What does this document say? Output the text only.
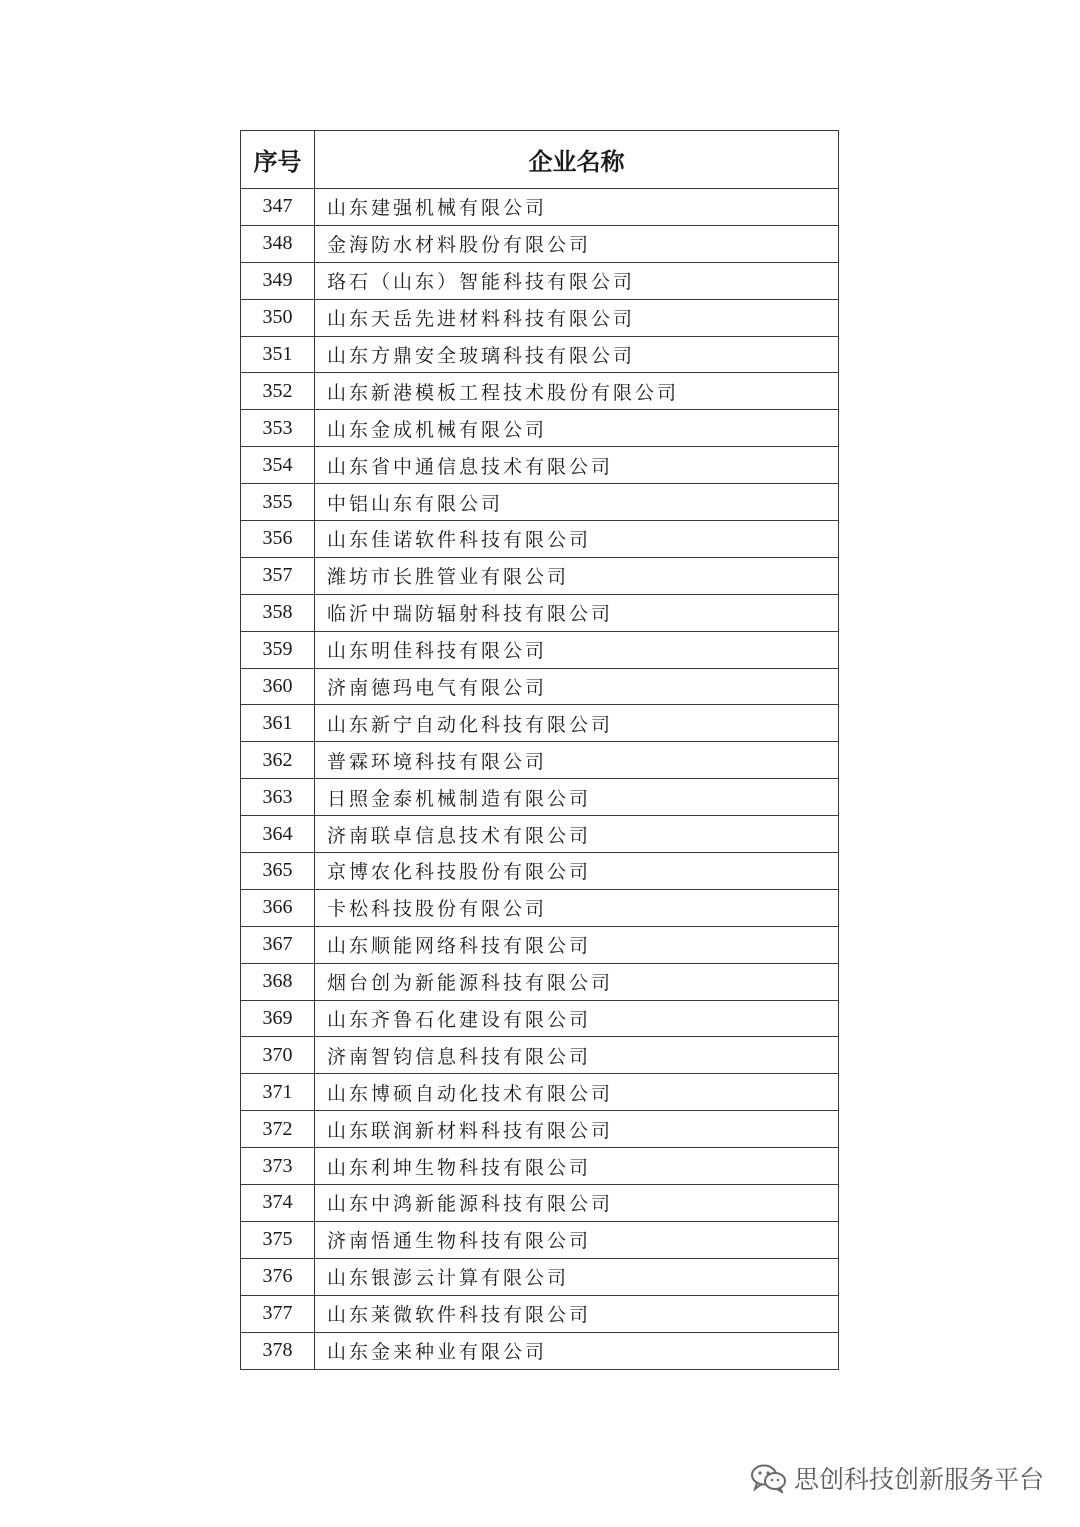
序号	企业名称
347	山东建强机械有限公司
348	金海防水材料股份有限公司
349	珞石（山东）智能科技有限公司
350	山东天岳先进材料科技有限公司
351	山东方鼎安全玻璃科技有限公司
352	山东新港模板工程技术股份有限公司
353	山东金成机械有限公司
354	山东省中通信息技术有限公司
355	中铝山东有限公司
356	山东佳诺软件科技有限公司
357	潍坊市长胜管业有限公司
358	临沂中瑞防辐射科技有限公司
359	山东明佳科技有限公司
360	济南德玛电气有限公司
361	山东新宁自动化科技有限公司
362	普霖环境科技有限公司
363	日照金泰机械制造有限公司
364	济南联卓信息技术有限公司
365	京博农化科技股份有限公司
366	卡松科技股份有限公司
367	山东顺能网络科技有限公司
368	烟台创为新能源科技有限公司
369	山东齐鲁石化建设有限公司
370	济南智钧信息科技有限公司
371	山东博硕自动化技术有限公司
372	山东联润新材料科技有限公司
373	山东利坤生物科技有限公司
374	山东中鸿新能源科技有限公司
375	济南悟通生物科技有限公司
376	山东银澎云计算有限公司
377	山东莱微软件科技有限公司
378	山东金来种业有限公司
思创科技创新服务平台
